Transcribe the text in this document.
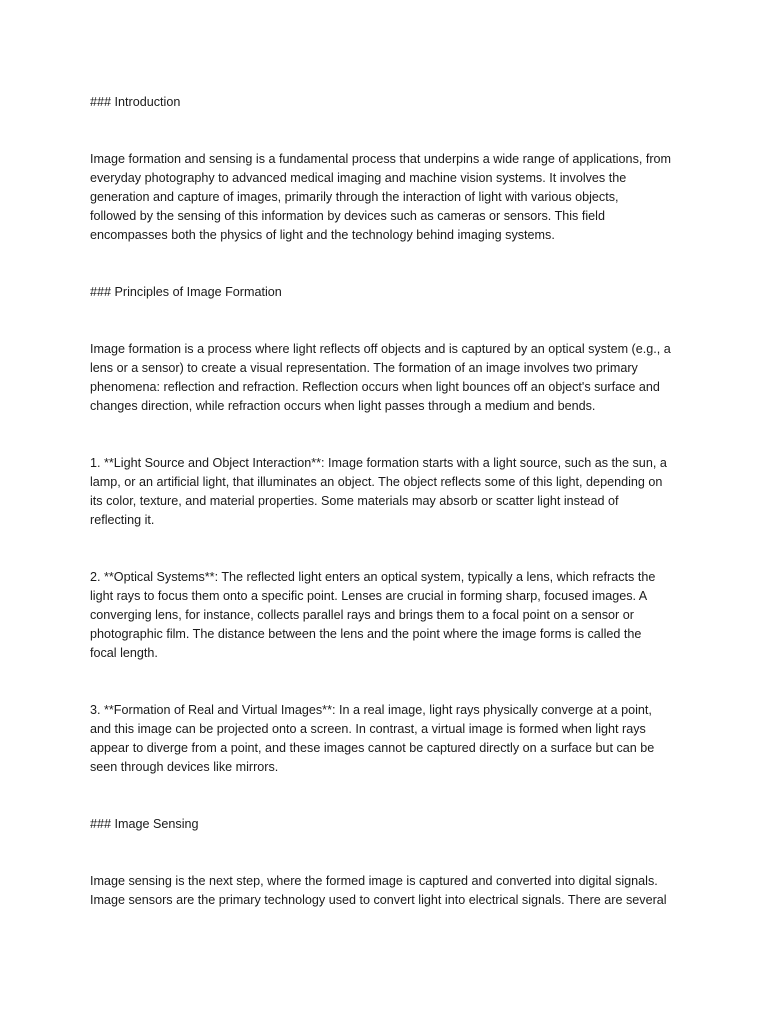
### Introduction
Image formation and sensing is a fundamental process that underpins a wide range of applications, from
everyday photography to advanced medical imaging and machine vision systems. It involves the
generation and capture of images, primarily through the interaction of light with various objects,
followed by the sensing of this information by devices such as cameras or sensors. This field
encompasses both the physics of light and the technology behind imaging systems.
### Principles of Image Formation
Image formation is a process where light reflects off objects and is captured by an optical system (e.g., a
lens or a sensor) to create a visual representation. The formation of an image involves two primary
phenomena: reflection and refraction. Reflection occurs when light bounces off an object's surface and
changes direction, while refraction occurs when light passes through a medium and bends.
1. **Light Source and Object Interaction**: Image formation starts with a light source, such as the sun, a
lamp, or an artificial light, that illuminates an object. The object reflects some of this light, depending on
its color, texture, and material properties. Some materials may absorb or scatter light instead of
reflecting it.
2. **Optical Systems**: The reflected light enters an optical system, typically a lens, which refracts the
light rays to focus them onto a specific point. Lenses are crucial in forming sharp, focused images. A
converging lens, for instance, collects parallel rays and brings them to a focal point on a sensor or
photographic film. The distance between the lens and the point where the image forms is called the
focal length.
3. **Formation of Real and Virtual Images**: In a real image, light rays physically converge at a point,
and this image can be projected onto a screen. In contrast, a virtual image is formed when light rays
appear to diverge from a point, and these images cannot be captured directly on a surface but can be
seen through devices like mirrors.
### Image Sensing
Image sensing is the next step, where the formed image is captured and converted into digital signals.
Image sensors are the primary technology used to convert light into electrical signals. There are several
